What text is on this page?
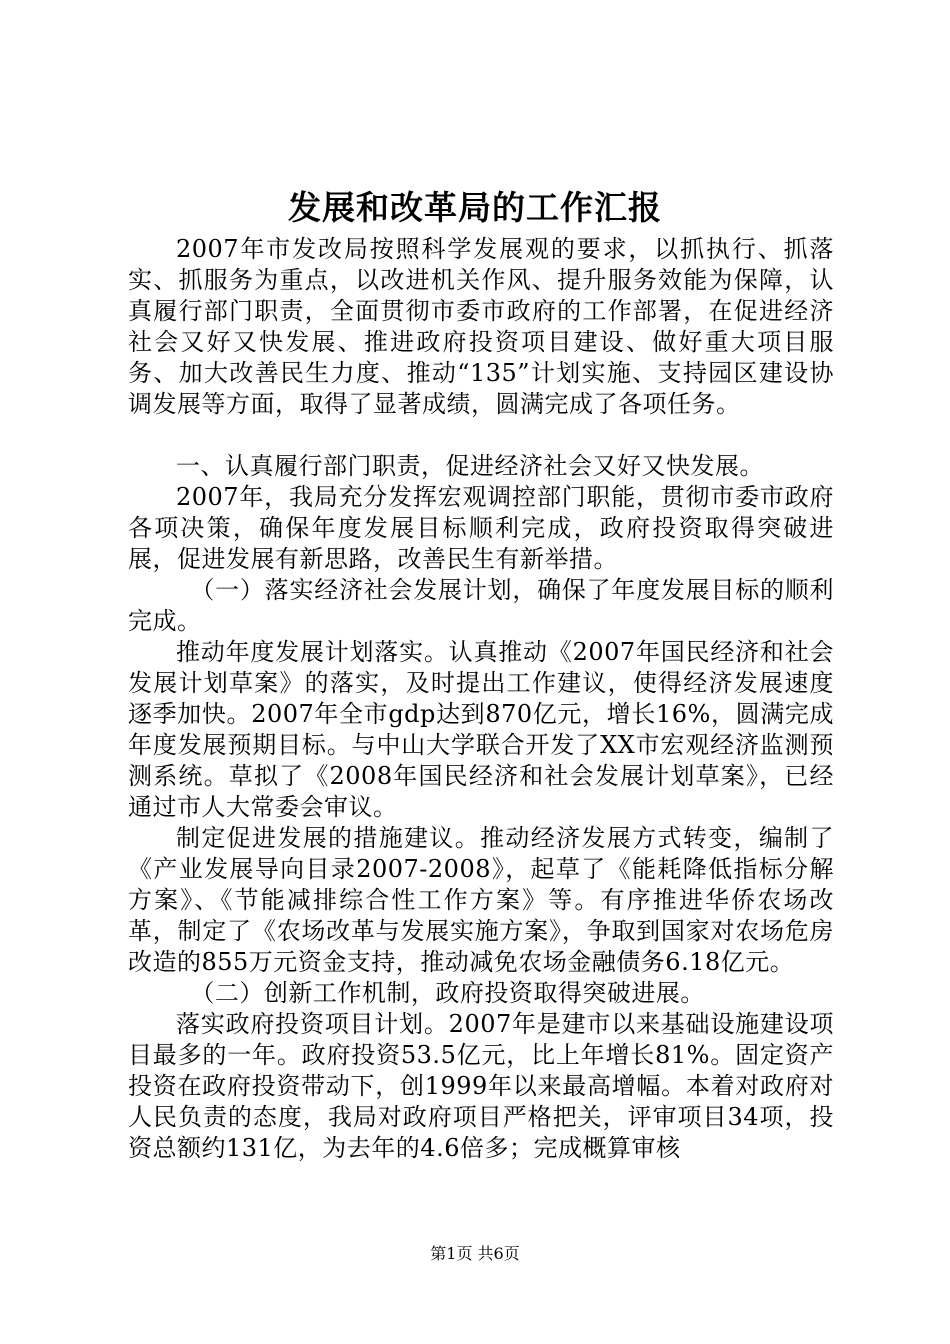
发展和改革局的工作汇报

2007年市发改局按照科学发展观的要求，以抓执行、抓落实、抓服务为重点，以改进机关作风、提升服务效能为保障，认真履行部门职责，全面贯彻市委市政府的工作部署，在促进经济社会又好又快发展、推进政府投资项目建设、做好重大项目服务、加大改善民生力度、推动“135”计划实施、支持园区建设协调发展等方面，取得了显著成绩，圆满完成了各项任务。

一、认真履行部门职责，促进经济社会又好又快发展。

2007年，我局充分发挥宏观调控部门职能，贯彻市委市政府各项决策，确保年度发展目标顺利完成，政府投资取得突破进展，促进发展有新思路，改善民生有新举措。

（一）落实经济社会发展计划，确保了年度发展目标的顺利完成。

推动年度发展计划落实。认真推动《2007年国民经济和社会发展计划草案》的落实，及时提出工作建议，使得经济发展速度逐季加快。2007年全市gdp达到870亿元，增长16%，圆满完成年度发展预期目标。与中山大学联合开发了XX市宏观经济监测预测系统。草拟了《2008年国民经济和社会发展计划草案》，已经通过市人大常委会审议。

制定促进发展的措施建议。推动经济发展方式转变，编制了《产业发展导向目录2007-2008》，起草了《能耗降低指标分解方案》、《节能减排综合性工作方案》等。有序推进华侨农场改革，制定了《农场改革与发展实施方案》，争取到国家对农场危房改造的855万元资金支持，推动减免农场金融债务6.18亿元。

（二）创新工作机制，政府投资取得突破进展。

落实政府投资项目计划。2007年是建市以来基础设施建设项目最多的一年。政府投资53.5亿元，比上年增长81%。固定资产投资在政府投资带动下，创1999年以来最高增幅。本着对政府对人民负责的态度，我局对政府项目严格把关，评审项目34项，投资总额约131亿，为去年的4.6倍多；完成概算审核

第1页 共6页
